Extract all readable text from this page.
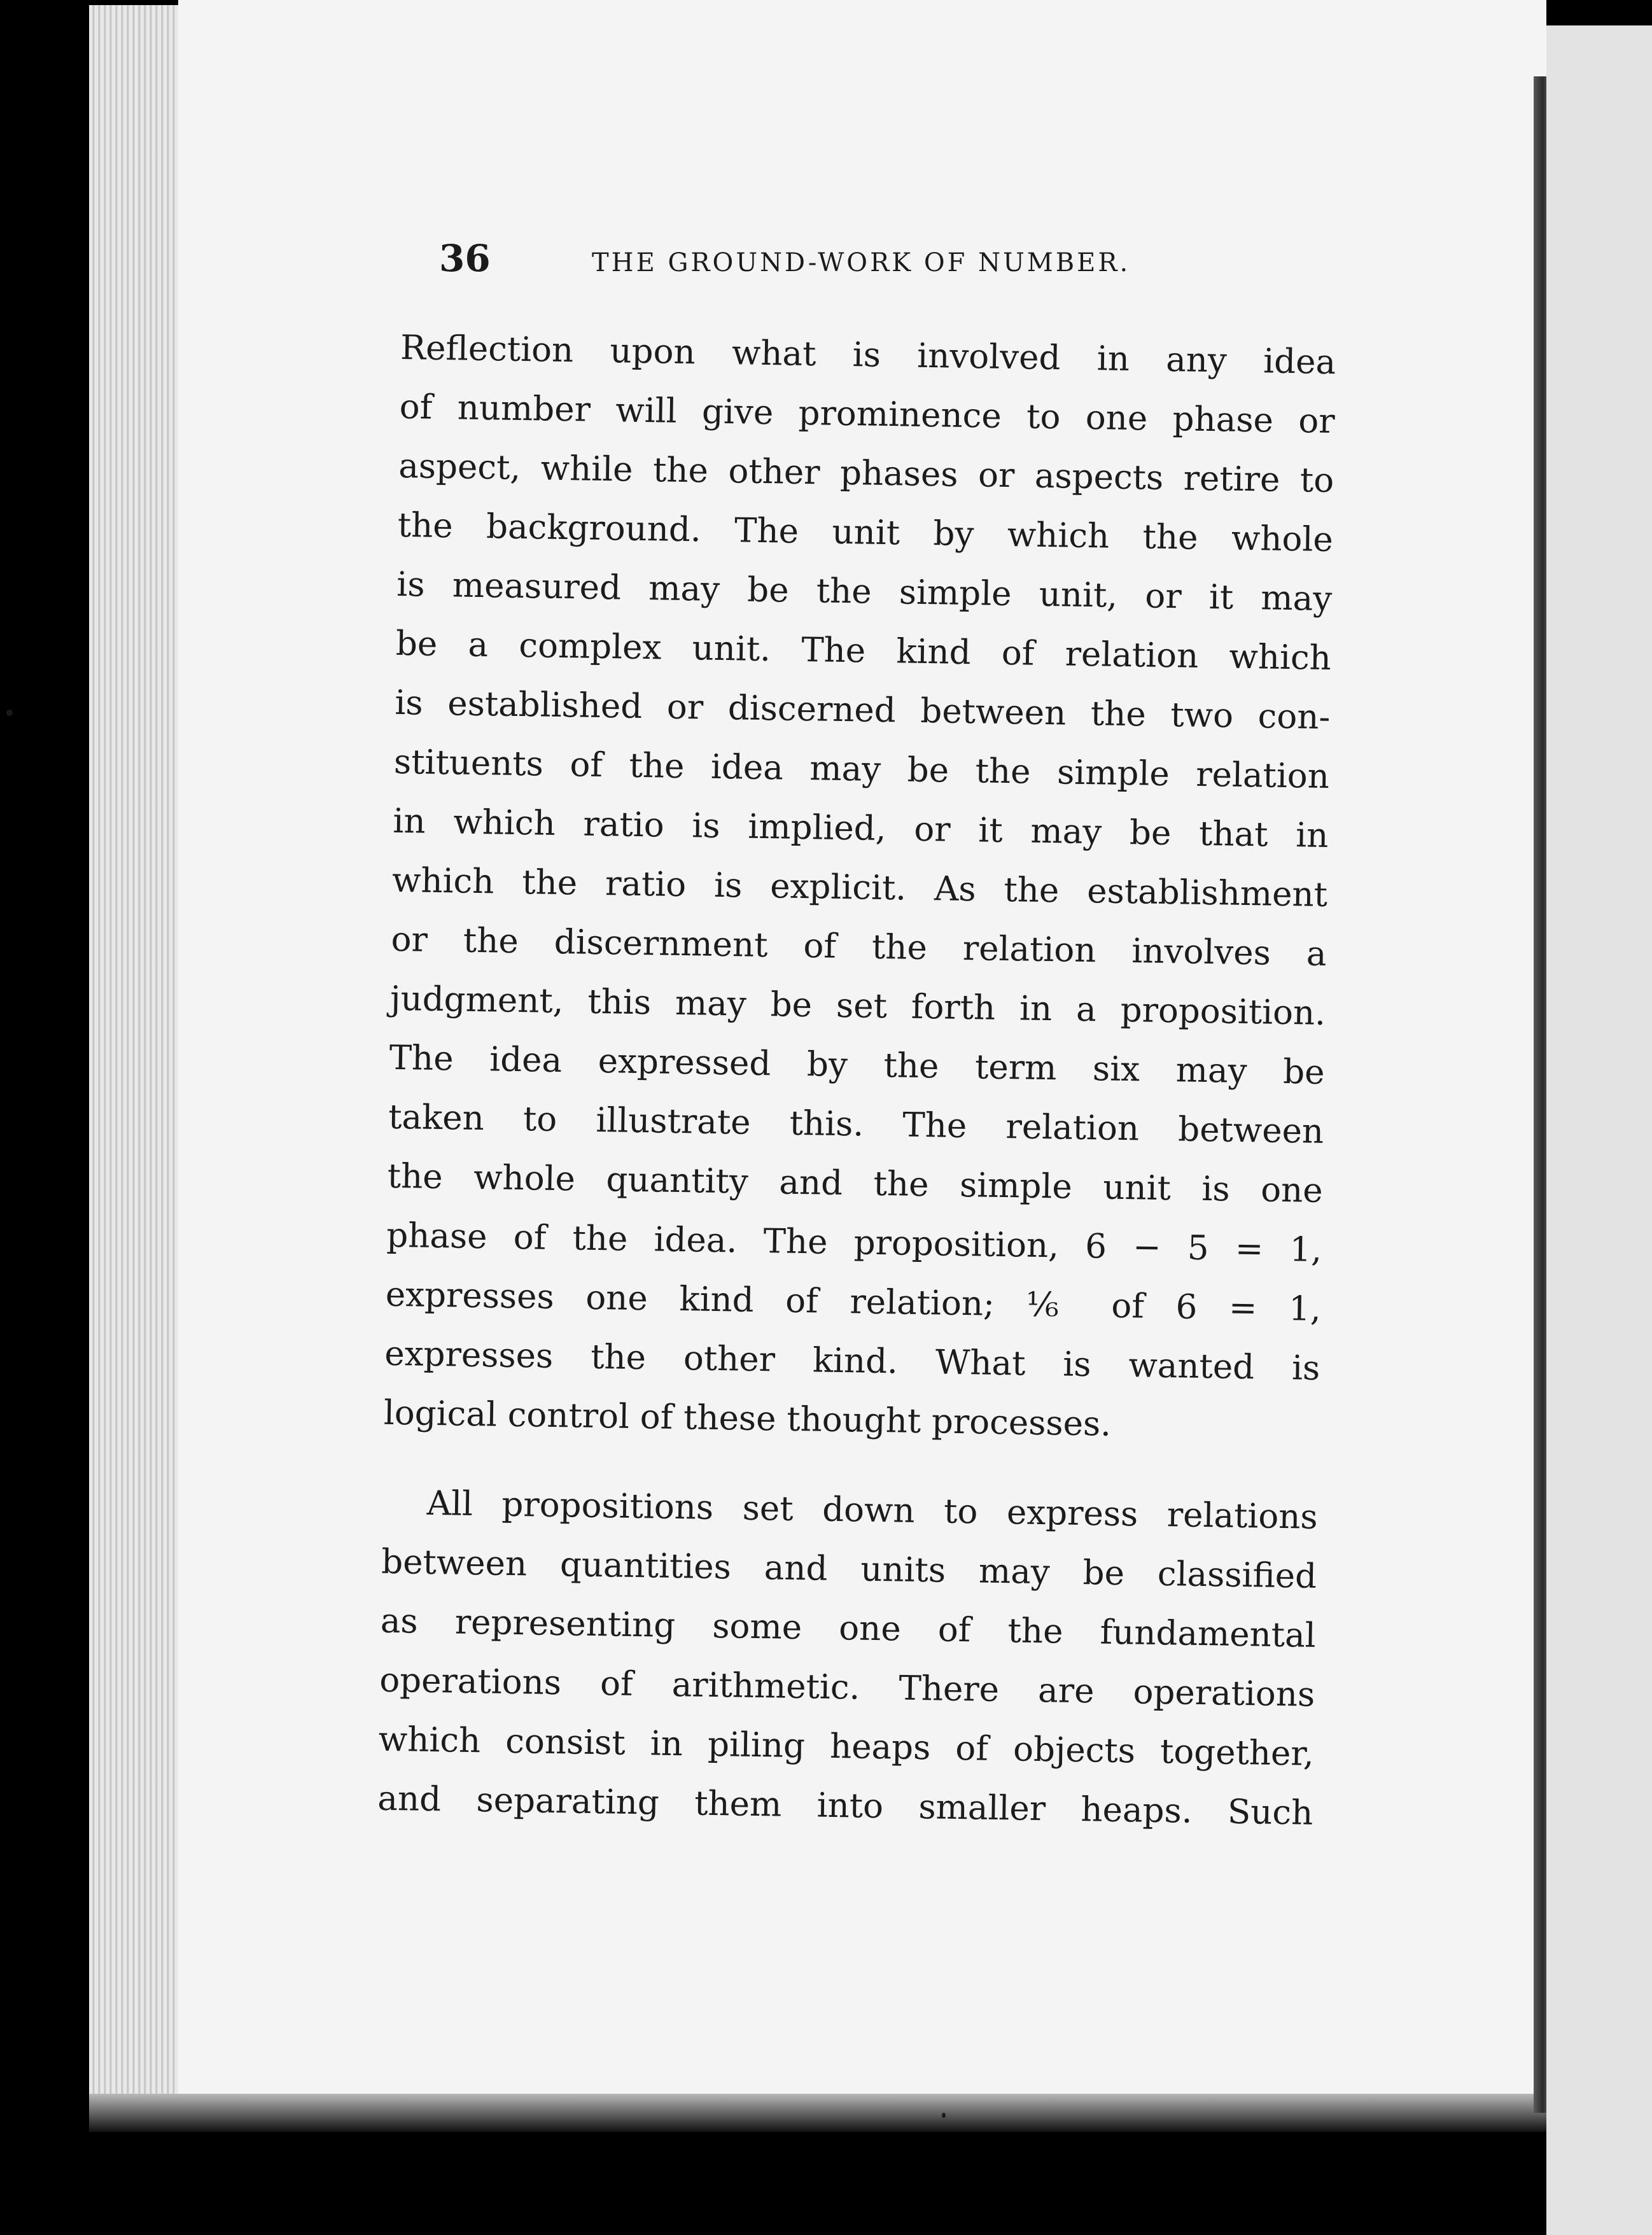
36	THE GROUND-WORK OF NUMBER.
Reflection upon what is involved in any idea
of number will give prominence to one phase or
aspect, while the other phases or aspects retire to
the background. The unit by which the whole
is measured may be the simple unit, or it may
be a complex unit. The kind of relation which
is established or discerned between the two con-
stituents of the idea may be the simple relation
in which ratio is implied, or it may be that in
which the ratio is explicit. As the establishment
or the discernment of the relation involves a
judgment, this may be set forth in a proposition.
The idea expressed by the term six may be
taken to illustrate this. The relation between
the whole quantity and the simple unit is one
phase of the idea. The proposition, 6 − 5 = 1,
expresses one kind of relation; ⅙ of 6 = 1,
expresses the other kind. What is wanted is
logical control of these thought processes.
All propositions set down to express relations
between quantities and units may be classified
as representing some one of the fundamental
operations of arithmetic. There are operations
which consist in piling heaps of objects together,
and separating them into smaller heaps. Such
